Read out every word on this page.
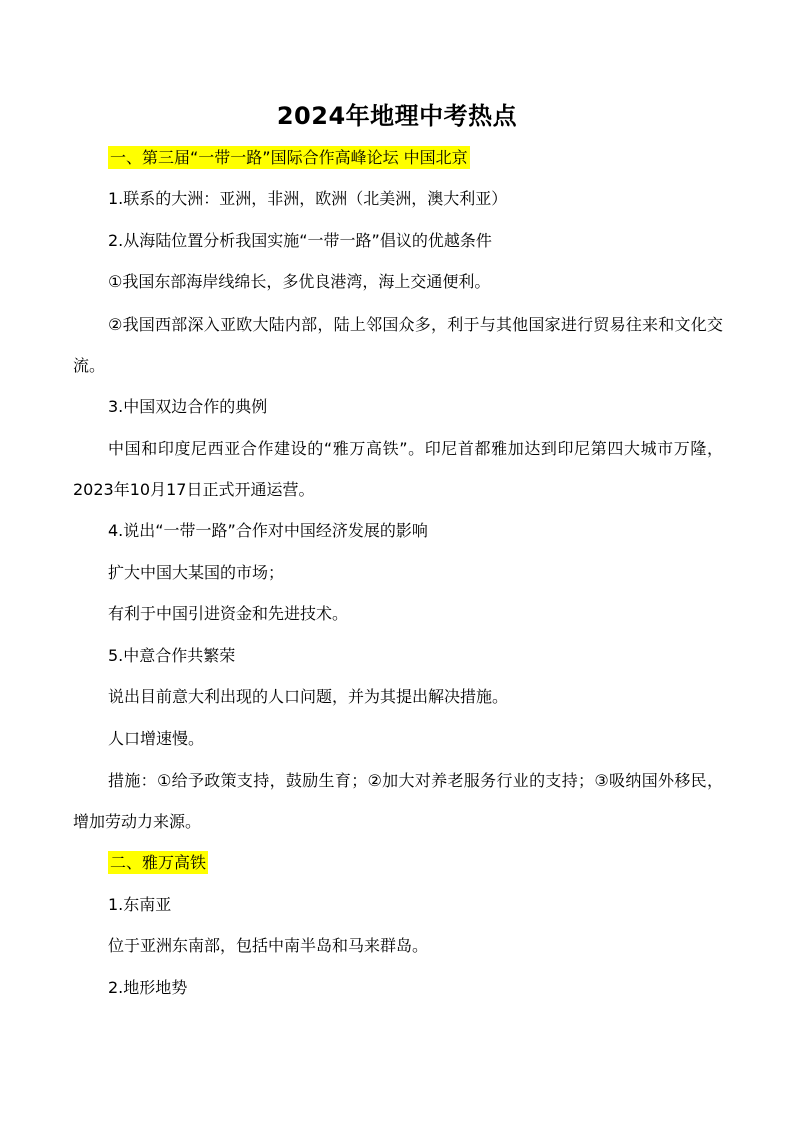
2024年地理中考热点
一、第三届“一带一路”国际合作高峰论坛 中国北京
1.联系的大洲：亚洲，非洲，欧洲（北美洲，澳大利亚）
2.从海陆位置分析我国实施“一带一路”倡议的优越条件
①我国东部海岸线绵长，多优良港湾，海上交通便利。
②我国西部深入亚欧大陆内部，陆上邻国众多，利于与其他国家进行贸易往来和文化交流。
3.中国双边合作的典例
中国和印度尼西亚合作建设的“雅万高铁”。印尼首都雅加达到印尼第四大城市万隆，2023年10月17日正式开通运营。
4.说出“一带一路”合作对中国经济发展的影响
扩大中国大某国的市场；
有利于中国引进资金和先进技术。
5.中意合作共繁荣
说出目前意大利出现的人口问题，并为其提出解决措施。
人口增速慢。
措施：①给予政策支持，鼓励生育；②加大对养老服务行业的支持；③吸纳国外移民，增加劳动力来源。
二、雅万高铁
1.东南亚
位于亚洲东南部，包括中南半岛和马来群岛。
2.地形地势
